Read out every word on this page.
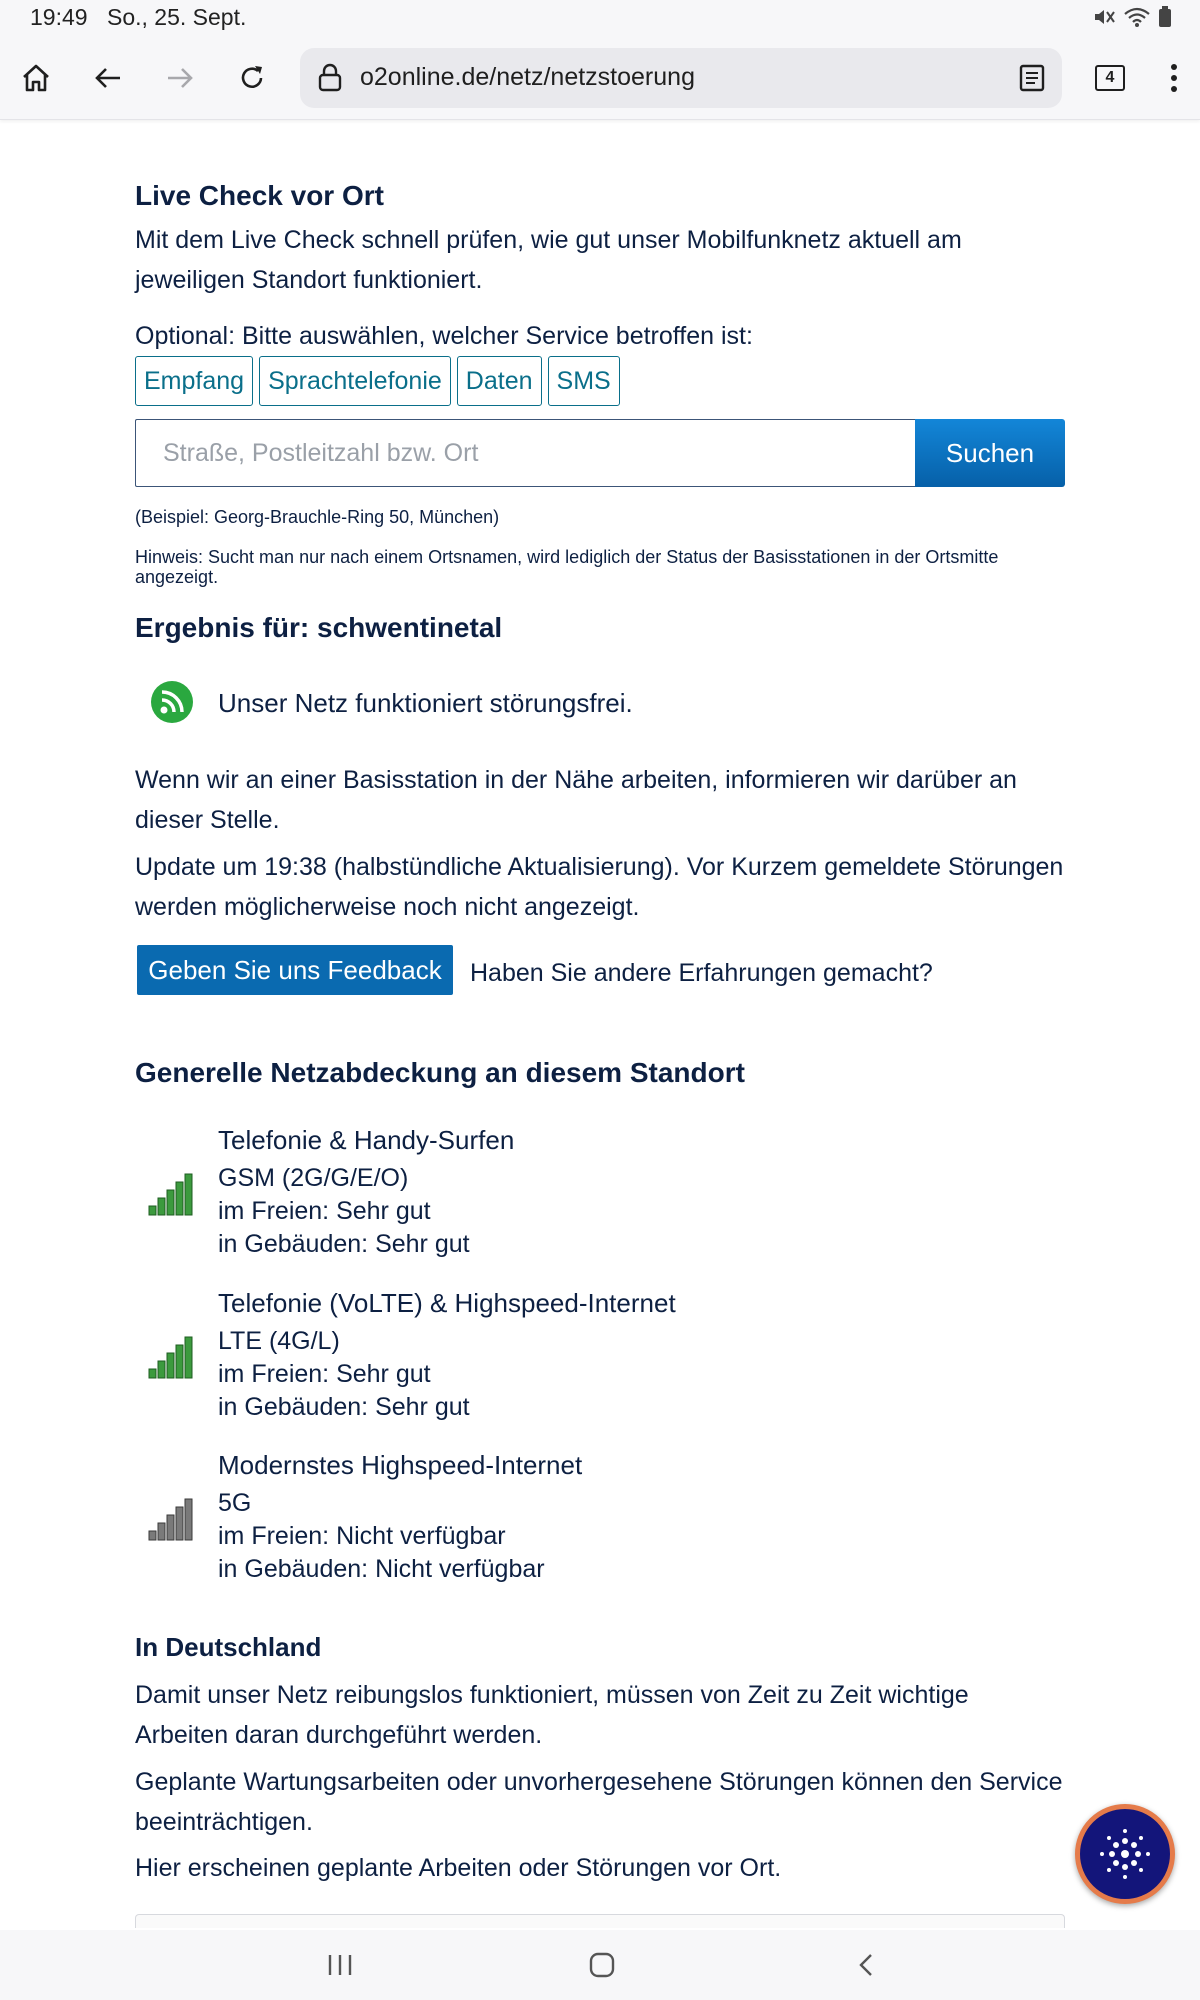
19:49 So., 25. Sept.
o2online.de/netz/netzstoerung	4
Live Check vor Ort
Mit dem Live Check schnell prüfen, wie gut unser Mobilfunknetz aktuell am jeweiligen Standort funktioniert.
Optional: Bitte auswählen, welcher Service betroffen ist:
Empfang Sprachtelefonie Daten SMS
Straße, Postleitzahl bzw. Ort	Suchen
(Beispiel: Georg-Brauchle-Ring 50, München)
Hinweis: Sucht man nur nach einem Ortsnamen, wird lediglich der Status der Basisstationen in der Ortsmitte angezeigt.
Ergebnis für: schwentinetal
Unser Netz funktioniert störungsfrei.
Wenn wir an einer Basisstation in der Nähe arbeiten, informieren wir darüber an dieser Stelle.
Update um 19:38 (halbstündliche Aktualisierung). Vor Kurzem gemeldete Störungen werden möglicherweise noch nicht angezeigt.
Geben Sie uns Feedback	Haben Sie andere Erfahrungen gemacht?
Generelle Netzabdeckung an diesem Standort
Telefonie & Handy-Surfen
GSM (2G/G/E/O)
im Freien: Sehr gut
in Gebäuden: Sehr gut
Telefonie (VoLTE) & Highspeed-Internet
LTE (4G/L)
im Freien: Sehr gut
in Gebäuden: Sehr gut
Modernstes Highspeed-Internet
5G
im Freien: Nicht verfügbar
in Gebäuden: Nicht verfügbar
In Deutschland
Damit unser Netz reibungslos funktioniert, müssen von Zeit zu Zeit wichtige Arbeiten daran durchgeführt werden.
Geplante Wartungsarbeiten oder unvorhergesehene Störungen können den Service beeinträchtigen.
Hier erscheinen geplante Arbeiten oder Störungen vor Ort.
